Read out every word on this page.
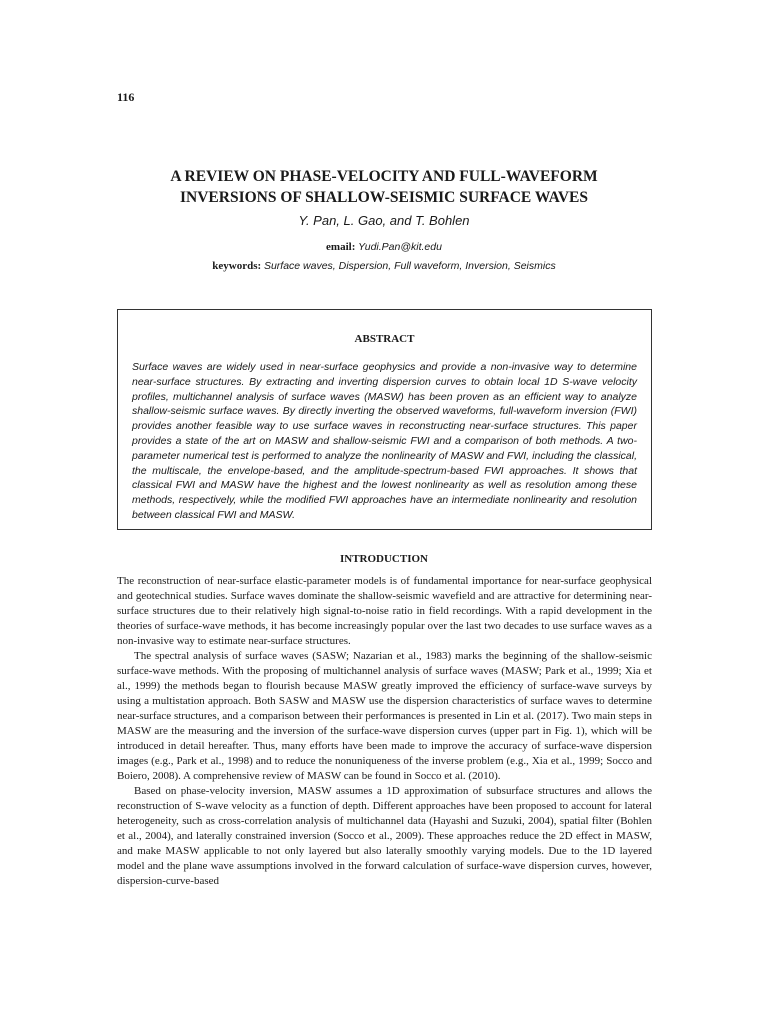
116
A REVIEW ON PHASE-VELOCITY AND FULL-WAVEFORM
INVERSIONS OF SHALLOW-SEISMIC SURFACE WAVES
Y. Pan, L. Gao, and T. Bohlen
email: Yudi.Pan@kit.edu
keywords: Surface waves, Dispersion, Full waveform, Inversion, Seismics
ABSTRACT
Surface waves are widely used in near-surface geophysics and provide a non-invasive way to determine near-surface structures. By extracting and inverting dispersion curves to obtain local 1D S-wave velocity profiles, multichannel analysis of surface waves (MASW) has been proven as an efficient way to analyze shallow-seismic surface waves. By directly inverting the observed waveforms, full-waveform inversion (FWI) provides another feasible way to use surface waves in reconstructing near-surface structures. This paper provides a state of the art on MASW and shallow-seismic FWI and a comparison of both methods. A two-parameter numerical test is performed to analyze the nonlinearity of MASW and FWI, including the classical, the multiscale, the envelope-based, and the amplitude-spectrum-based FWI approaches. It shows that classical FWI and MASW have the highest and the lowest nonlinearity as well as resolution among these methods, respectively, while the modified FWI approaches have an intermediate nonlinearity and resolution between classical FWI and MASW.
INTRODUCTION

The reconstruction of near-surface elastic-parameter models is of fundamental importance for near-surface geophysical and geotechnical studies. Surface waves dominate the shallow-seismic wavefield and are attractive for determining near-surface structures due to their relatively high signal-to-noise ratio in field recordings. With a rapid development in the theories of surface-wave methods, it has become increasingly popular over the last two decades to use surface waves as a non-invasive way to estimate near-surface structures.

The spectral analysis of surface waves (SASW; Nazarian et al., 1983) marks the beginning of the shallow-seismic surface-wave methods. With the proposing of multichannel analysis of surface waves (MASW; Park et al., 1999; Xia et al., 1999) the methods began to flourish because MASW greatly improved the efficiency of surface-wave surveys by using a multistation approach. Both SASW and MASW use the dispersion characteristics of surface waves to determine near-surface structures, and a comparison between their performances is presented in Lin et al. (2017). Two main steps in MASW are the measuring and the inversion of the surface-wave dispersion curves (upper part in Fig. 1), which will be introduced in detail hereafter. Thus, many efforts have been made to improve the accuracy of surface-wave dispersion images (e.g., Park et al., 1998) and to reduce the nonuniqueness of the inverse problem (e.g., Xia et al., 1999; Socco and Boiero, 2008). A comprehensive review of MASW can be found in Socco et al. (2010).

Based on phase-velocity inversion, MASW assumes a 1D approximation of subsurface structures and allows the reconstruction of S-wave velocity as a function of depth. Different approaches have been proposed to account for lateral heterogeneity, such as cross-correlation analysis of multichannel data (Hayashi and Suzuki, 2004), spatial filter (Bohlen et al., 2004), and laterally constrained inversion (Socco et al., 2009). These approaches reduce the 2D effect in MASW, and make MASW applicable to not only layered but also laterally smoothly varying models. Due to the 1D layered model and the plane wave assumptions involved in the forward calculation of surface-wave dispersion curves, however, dispersion-curve-based
